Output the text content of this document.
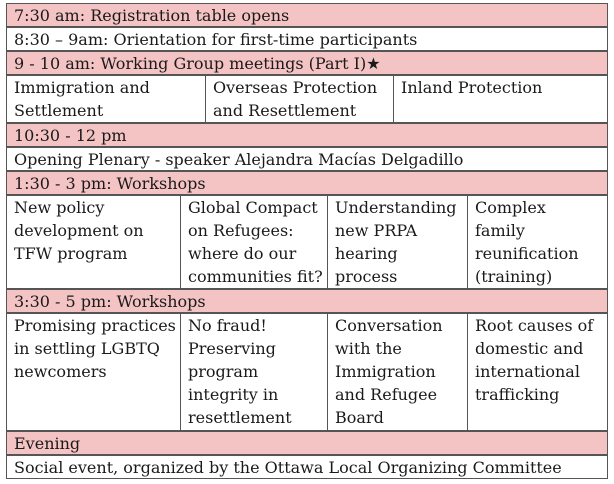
7:30 am: Registration table opens
8:30 – 9am: Orientation for first-time participants
9 - 10 am: Working Group meetings (Part I)★
Immigration and
Settlement
Overseas Protection
and Resettlement
Inland Protection
10:30 - 12 pm
Opening Plenary - speaker Alejandra Macías Delgadillo
1:30 - 3 pm: Workshops
New policy
development on
TFW program
Global Compact
on Refugees:
where do our
communities fit?
Understanding
new PRPA
hearing process

Complex
family
reunification
(training)
3:30 - 5 pm: Workshops
Promising practices
in settling LGBTQ
newcomers
No fraud!
Preserving
program
integrity in
resettlement
Conversation
with the
Immigration
and Refugee
Board
Root causes of
domestic and
international
trafficking
Evening
Social event, organized by the Ottawa Local Organizing Committee
